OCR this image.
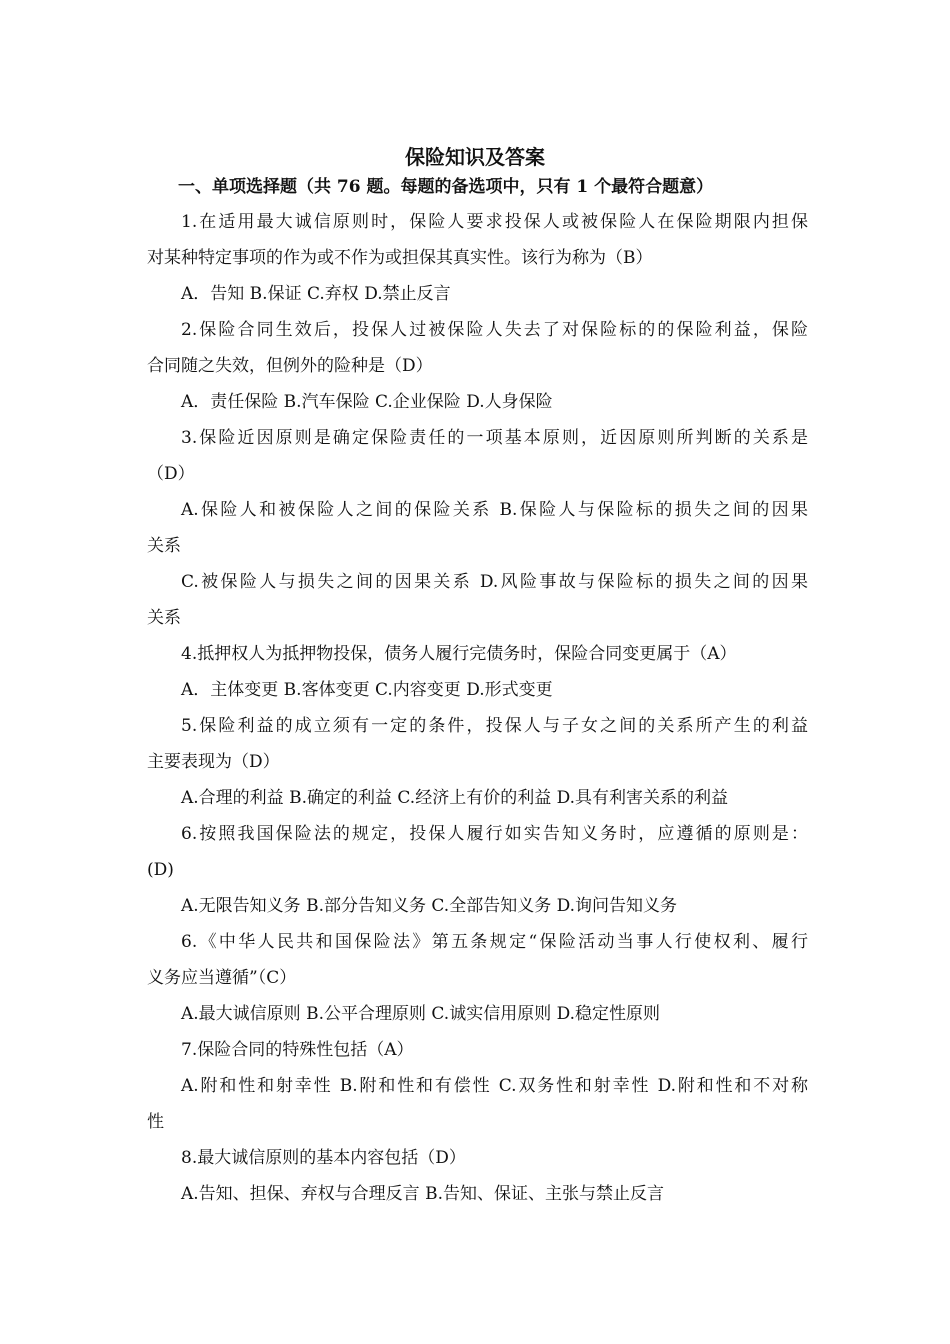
保险知识及答案
一、单项选择题（共 76 题。每题的备选项中，只有 1 个最符合题意）
1.在适用最大诚信原则时，保险人要求投保人或被保险人在保险期限内担保
对某种特定事项的作为或不作为或担保其真实性。该行为称为（B）
A．告知 B.保证 C.弃权 D.禁止反言
2.保险合同生效后，投保人过被保险人失去了对保险标的的保险利益，保险
合同随之失效，但例外的险种是（D）
A．责任保险 B.汽车保险 C.企业保险 D.人身保险
3.保险近因原则是确定保险责任的一项基本原则，近因原则所判断的关系是
（D）
A.保险人和被保险人之间的保险关系 B.保险人与保险标的损失之间的因果
关系
C.被保险人与损失之间的因果关系 D.风险事故与保险标的损失之间的因果
关系
4.抵押权人为抵押物投保，债务人履行完债务时，保险合同变更属于（A）
A．主体变更 B.客体变更 C.内容变更 D.形式变更
5.保险利益的成立须有一定的条件，投保人与子女之间的关系所产生的利益
主要表现为（D）
A.合理的利益 B.确定的利益 C.经济上有价的利益 D.具有利害关系的利益
6.按照我国保险法的规定，投保人履行如实告知义务时，应遵循的原则是：
(D)
A.无限告知义务 B.部分告知义务 C.全部告知义务 D.询问告知义务
6.《中华人民共和国保险法》第五条规定“保险活动当事人行使权利、履行
义务应当遵循”（C）
A.最大诚信原则 B.公平合理原则 C.诚实信用原则 D.稳定性原则
7.保险合同的特殊性包括（A）
A.附和性和射幸性 B.附和性和有偿性 C.双务性和射幸性 D.附和性和不对称
性
8.最大诚信原则的基本内容包括（D）
A.告知、担保、弃权与合理反言 B.告知、保证、主张与禁止反言
